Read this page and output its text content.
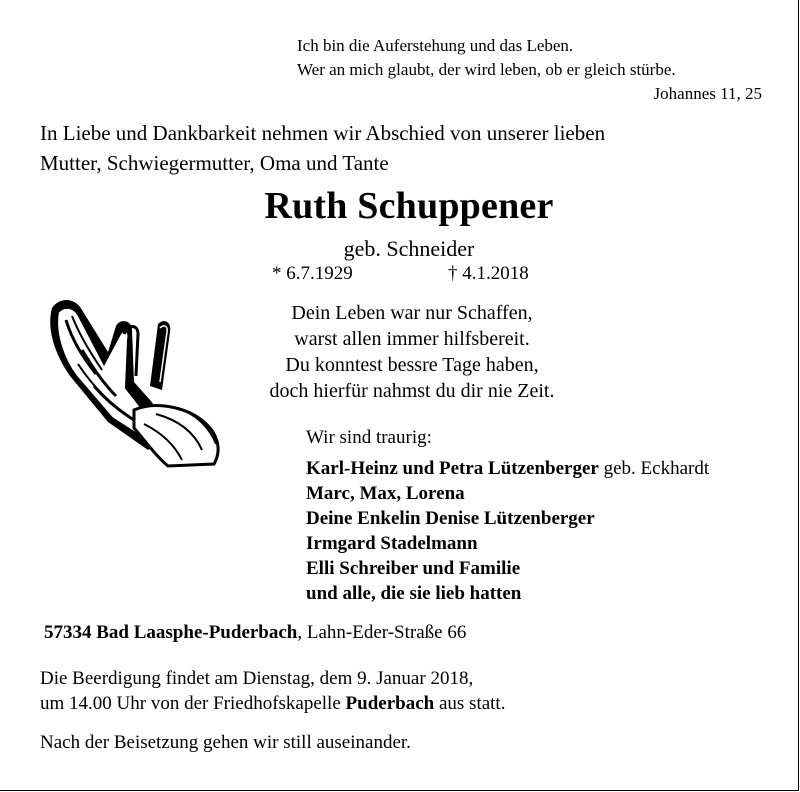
Ich bin die Auferstehung und das Leben.
Wer an mich glaubt, der wird leben, ob er gleich stürbe.
Johannes 11, 25
In Liebe und Dankbarkeit nehmen wir Abschied von unserer lieben
Mutter, Schwiegermutter, Oma und Tante
Ruth Schuppener
geb. Schneider
* 6.7.1929	† 4.1.2018
Dein Leben war nur Schaffen,
warst allen immer hilfsbereit.
Du konntest bessre Tage haben,
doch hierfür nahmst du dir nie Zeit.
Wir sind traurig:
Karl-Heinz und Petra Lützenberger geb. Eckhardt
Marc, Max, Lorena
Deine Enkelin Denise Lützenberger
Irmgard Stadelmann
Elli Schreiber und Familie
und alle, die sie lieb hatten
57334 Bad Laasphe-Puderbach, Lahn-Eder-Straße 66
Die Beerdigung findet am Dienstag, dem 9. Januar 2018,
um 14.00 Uhr von der Friedhofskapelle Puderbach aus statt.
Nach der Beisetzung gehen wir still auseinander.
